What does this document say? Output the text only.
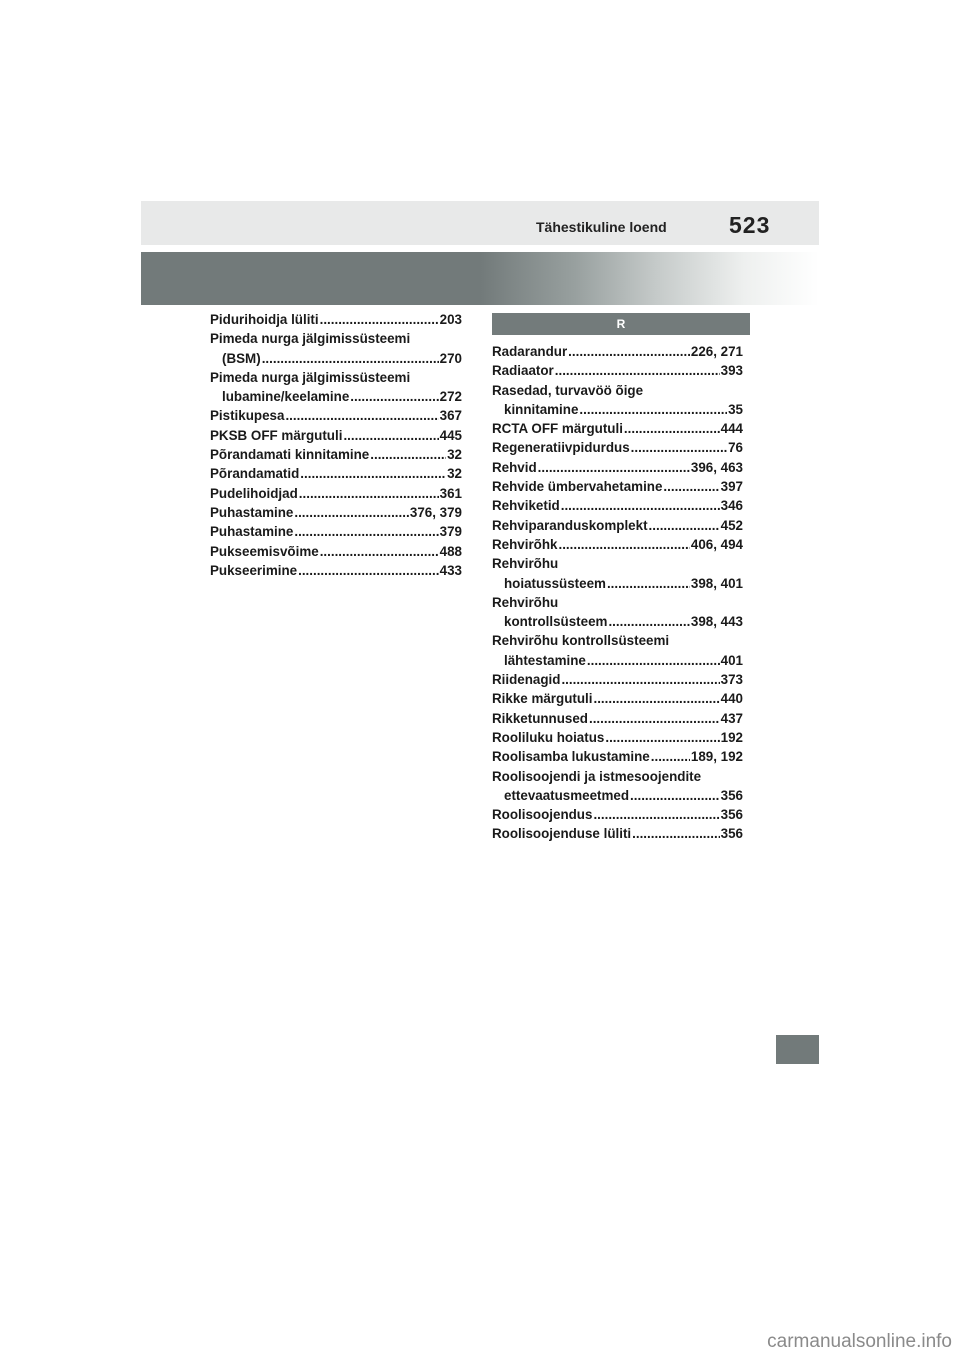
Tähestikuline loend	523
Pidurihoidja lüliti .....	203
Pimeda nurga jälgimissüsteemi
(BSM) .....	270
Pimeda nurga jälgimissüsteemi
lubamine/keelamine .....	272
Pistikupesa .....	367
PKSB OFF märgutuli .....	445
Põrandamati kinnitamine .....	32
Põrandamatid .....	32
Pudelihoidjad .....	361
Puhastamine .....	376, 379
Puhastamine .....	379
Pukseemisvõime .....	488
Pukseerimine .....	433
R
Radarandur .....	226, 271
Radiaator .....	393
Rasedad, turvavöö õige
kinnitamine .....	35
RCTA OFF märgutuli .....	444
Regeneratiivpidurdus .....	76
Rehvid .....	396, 463
Rehvide ümbervahetamine .....	397
Rehviketid .....	346
Rehviparanduskomplekt .....	452
Rehvirõhk .....	406, 494
Rehvirõhu
hoiatussüsteem .....	398, 401
Rehvirõhu
kontrollsüsteem .....	398, 443
Rehvirõhu kontrollsüsteemi
lähtestamine .....	401
Riidenagid .....	373
Rikke märgutuli .....	440
Rikketunnused .....	437
Rooliluku hoiatus .....	192
Roolisamba lukustamine .....	189, 192
Roolisoojendi ja istmesoojendite
ettevaatusmeetmed .....	356
Roolisoojendus .....	356
Roolisoojenduse lüliti .....	356
carmanualsonline.info
